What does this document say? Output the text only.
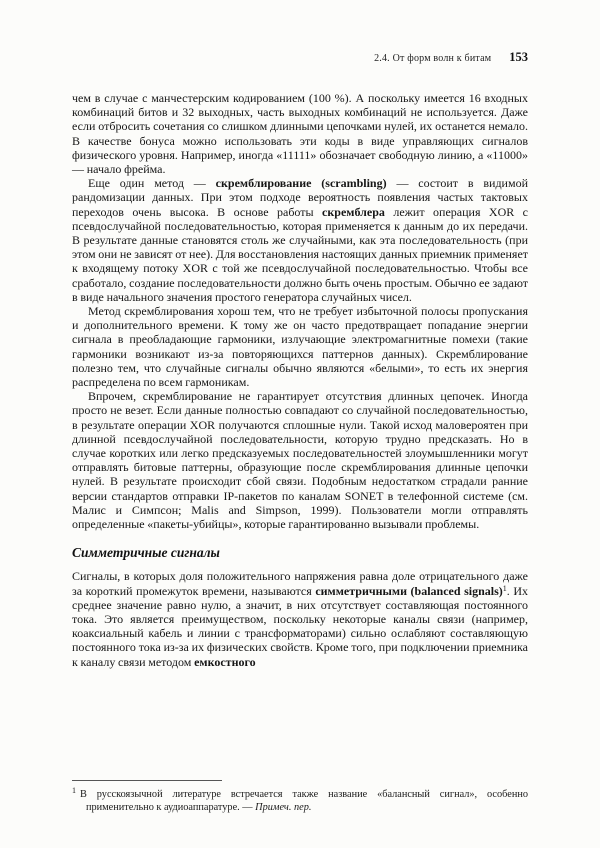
2.4. От форм волн к битам 153

чем в случае с манчестерским кодированием (100 %). А поскольку имеется 16 входных комбинаций битов и 32 выходных, часть выходных комбинаций не используется. Даже если отбросить сочетания со слишком длинными цепочками нулей, их останется немало. В качестве бонуса можно использовать эти коды в виде управляющих сигналов физического уровня. Например, иногда «11111» обозначает свободную линию, а «11000» — начало фрейма.

Еще один метод — скремблирование (scrambling) — состоит в видимой рандомизации данных. При этом подходе вероятность появления частых тактовых переходов очень высока. В основе работы скремблера лежит операция XOR с псевдослучайной последовательностью, которая применяется к данным до их передачи. В результате данные становятся столь же случайными, как эта последовательность (при этом они не зависят от нее). Для восстановления настоящих данных приемник применяет к входящему потоку XOR с той же псевдослучайной последовательностью. Чтобы все сработало, создание последовательности должно быть очень простым. Обычно ее задают в виде начального значения простого генератора случайных чисел.

Метод скремблирования хорош тем, что не требует избыточной полосы пропускания и дополнительного времени. К тому же он часто предотвращает попадание энергии сигнала в преобладающие гармоники, излучающие электромагнитные помехи (такие гармоники возникают из-за повторяющихся паттернов данных). Скремблирование полезно тем, что случайные сигналы обычно являются «белыми», то есть их энергия распределена по всем гармоникам.

Впрочем, скремблирование не гарантирует отсутствия длинных цепочек. Иногда просто не везет. Если данные полностью совпадают со случайной последовательностью, в результате операции XOR получаются сплошные нули. Такой исход маловероятен при длинной псевдослучайной последовательности, которую трудно предсказать. Но в случае коротких или легко предсказуемых последовательностей злоумышленники могут отправлять битовые паттерны, образующие после скремблирования длинные цепочки нулей. В результате происходит сбой связи. Подобным недостатком страдали ранние версии стандартов отправки IP-пакетов по каналам SONET в телефонной системе (см. Малис и Симпсон; Malis and Simpson, 1999). Пользователи могли отправлять определенные «пакеты-убийцы», которые гарантированно вызывали проблемы.

Симметричные сигналы

Сигналы, в которых доля положительного напряжения равна доле отрицательного даже за короткий промежуток времени, называются симметричными (balanced signals)$^1$. Их среднее значение равно нулю, а значит, в них отсутствует составляющая постоянного тока. Это является преимуществом, поскольку некоторые каналы связи (например, коаксиальный кабель и линии с трансформаторами) сильно ослабляют составляющую постоянного тока из-за их физических свойств. Кроме того, при подключении приемника к каналу связи методом емкостного

$^1$ В русскоязычной литературе встречается также название «балансный сигнал», особенно применительно к аудиоаппаратуре. — Примеч. пер.
